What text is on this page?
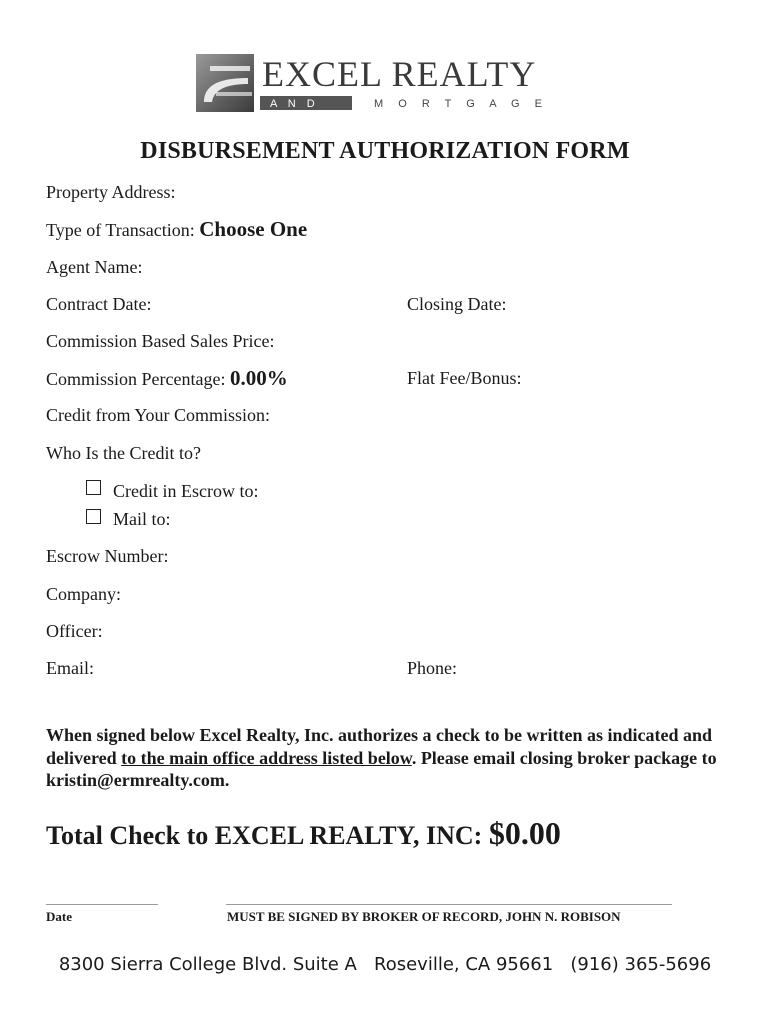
EXCEL REALTY
A N D	M O R T G A G E
DISBURSEMENT AUTHORIZATION FORM
Property Address:
Type of Transaction: Choose One
Agent Name:
Contract Date:	Closing Date:
Commission Based Sales Price:
Commission Percentage: 0.00%	Flat Fee/Bonus:
Credit from Your Commission:
Who Is the Credit to?
Credit in Escrow to:
Mail to:
Escrow Number:
Company:
Officer:
Email:	Phone:
When signed below Excel Realty, Inc. authorizes a check to be written as indicated and delivered to the main office address listed below. Please email closing broker package to kristin@ermrealty.com.
Total Check to EXCEL REALTY, INC: $0.00
Date	MUST BE SIGNED BY BROKER OF RECORD, JOHN N. ROBISON
8300 Sierra College Blvd. Suite A   Roseville, CA 95661   (916) 365-5696
